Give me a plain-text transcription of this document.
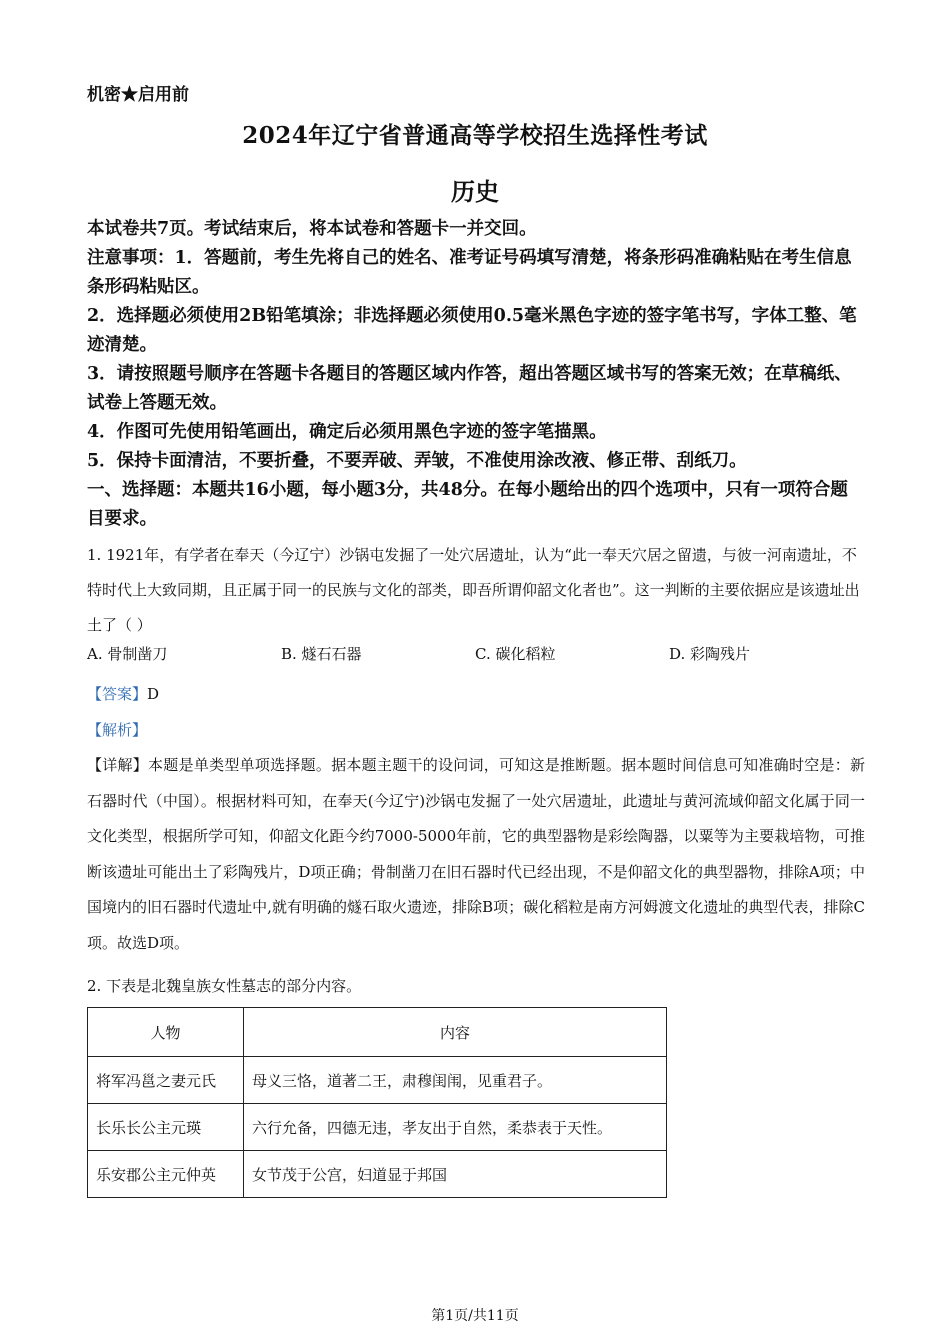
机密★启用前
2024年辽宁省普通高等学校招生选择性考试
历史

本试卷共7页。考试结束后，将本试卷和答题卡一并交回。

注意事项：1．答题前，考生先将自己的姓名、准考证号码填写清楚，将条形码准确粘贴在考生信息条形码粘贴区。

2．选择题必须使用2B铅笔填涂；非选择题必须使用0.5毫米黑色字迹的签字笔书写，字体工整、笔迹清楚。

3．请按照题号顺序在答题卡各题目的答题区域内作答，超出答题区域书写的答案无效；在草稿纸、试卷上答题无效。

4．作图可先使用铅笔画出，确定后必须用黑色字迹的签字笔描黑。

5．保持卡面清洁，不要折叠，不要弄破、弄皱，不准使用涂改液、修正带、刮纸刀。

一、选择题：本题共16小题，每小题3分，共48分。在每小题给出的四个选项中，只有一项符合题目要求。

1. 1921年，有学者在奉天（今辽宁）沙锅屯发掘了一处穴居遗址，认为“此一奉天穴居之留遗，与彼一河南遗址，不特时代上大致同期，且正属于同一的民族与文化的部类，即吾所谓仰韶文化者也”。这一判断的主要依据应是该遗址出土了（ ）

A. 骨制凿刀	B. 燧石石器	C. 碳化稻粒	D. 彩陶残片
【答案】D
【解析】

【详解】本题是单类型单项选择题。据本题主题干的设问词，可知这是推断题。据本题时间信息可知准确时空是：新石器时代（中国）。根据材料可知，在奉天(今辽宁)沙锅屯发掘了一处穴居遗址，此遗址与黄河流域仰韶文化属于同一文化类型，根据所学可知，仰韶文化距今约7000-5000年前，它的典型器物是彩绘陶器，以粟等为主要栽培物，可推断该遗址可能出土了彩陶残片，D项正确；骨制凿刀在旧石器时代已经出现，不是仰韶文化的典型器物，排除A项；中国境内的旧石器时代遗址中,就有明确的燧石取火遗迹，排除B项；碳化稻粒是南方河姆渡文化遗址的典型代表，排除C项。故选D项。

2. 下表是北魏皇族女性墓志的部分内容。
人物	内容
将军冯邕之妻元氏	母义三恪，道著二王，肃穆闺闱，见重君子。
长乐长公主元瑛	六行允备，四德无违，孝友出于自然，柔恭表于天性。
乐安郡公主元仲英	女节茂于公宫，妇道显于邦国
第1页/共11页
